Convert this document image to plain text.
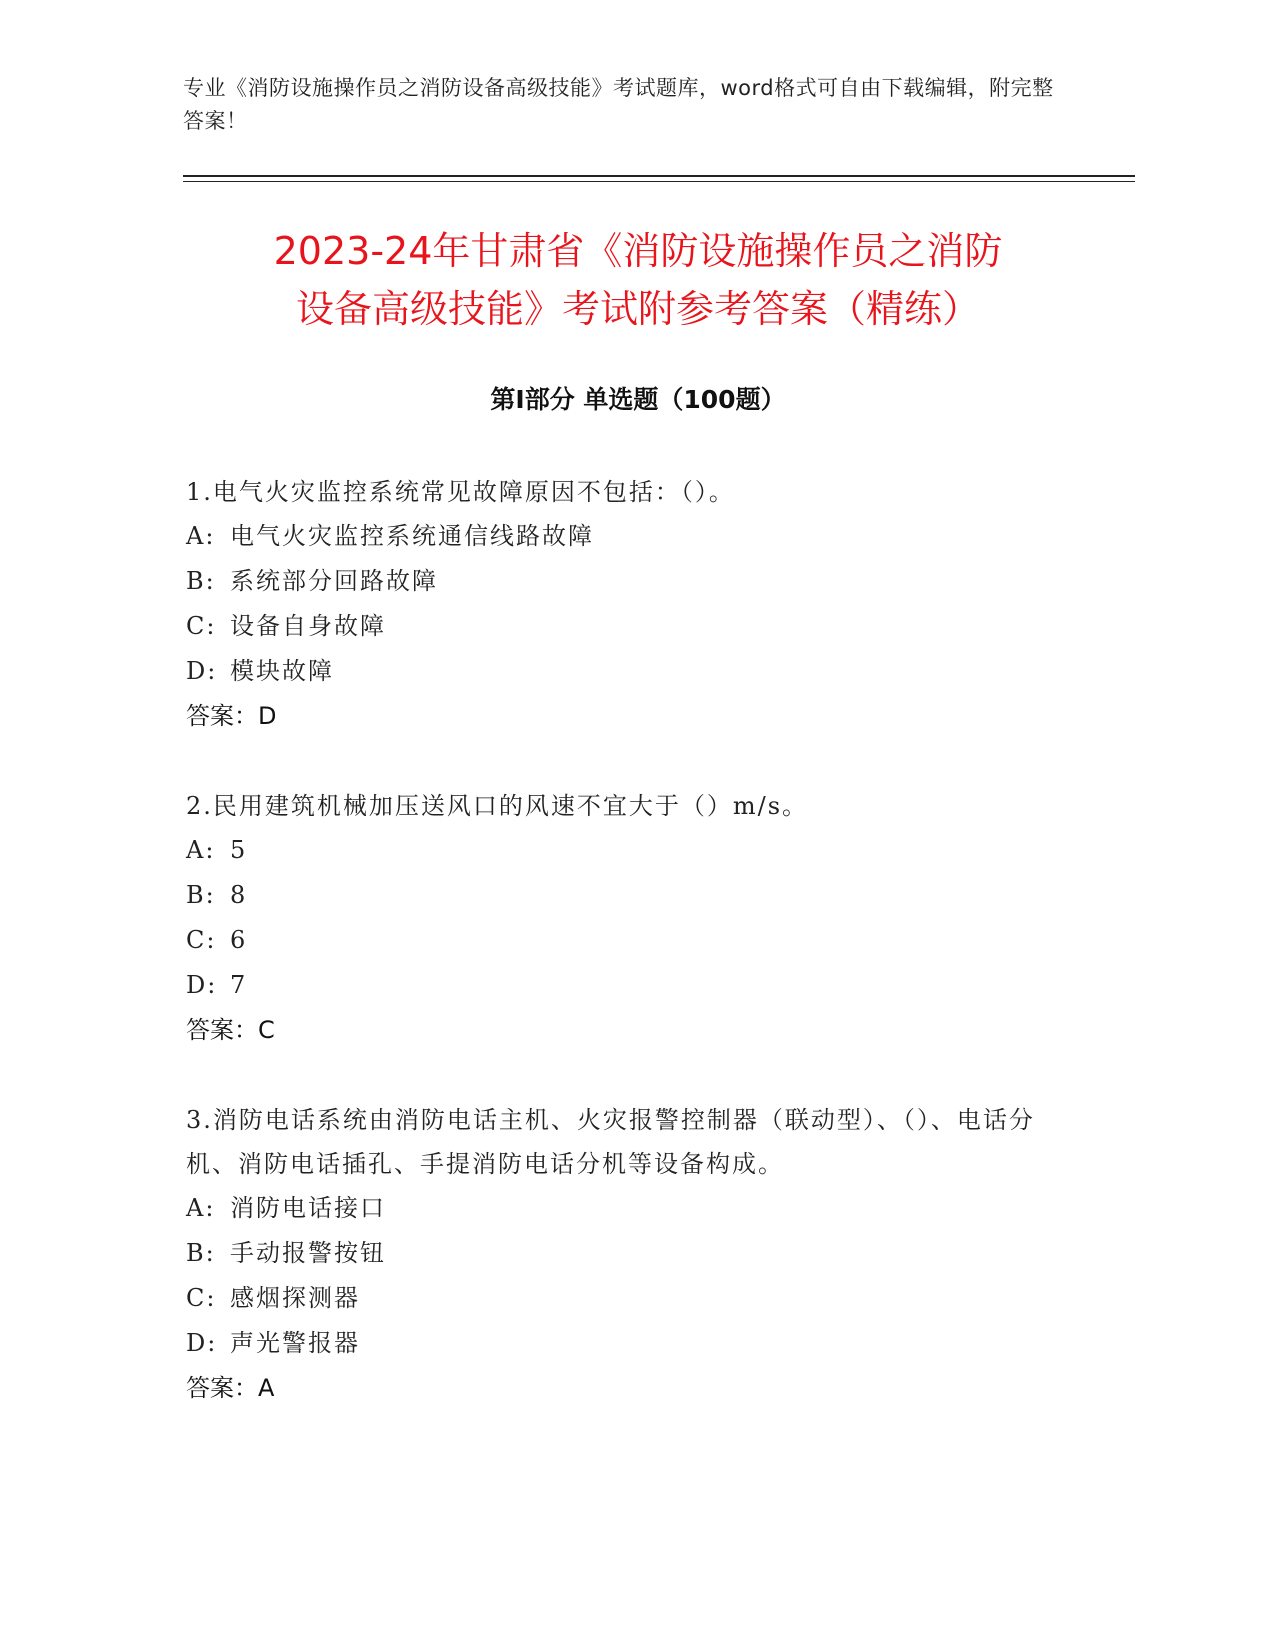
专业《消防设施操作员之消防设备高级技能》考试题库，word格式可自由下载编辑，附完整答案！
2023-24年甘肃省《消防设施操作员之消防
设备高级技能》考试附参考答案（精练）
第Ⅰ部分 单选题（100题）
1.电气火灾监控系统常见故障原因不包括：（）。
A: 电气火灾监控系统通信线路故障
B: 系统部分回路故障
C: 设备自身故障
D: 模块故障
答案：D
2.民用建筑机械加压送风口的风速不宜大于（）m/s。
A: 5
B: 8
C: 6
D: 7
答案：C
3.消防电话系统由消防电话主机、火灾报警控制器（联动型）、（）、电话分机、消防电话插孔、手提消防电话分机等设备构成。
A: 消防电话接口
B: 手动报警按钮
C: 感烟探测器
D: 声光警报器
答案：A
